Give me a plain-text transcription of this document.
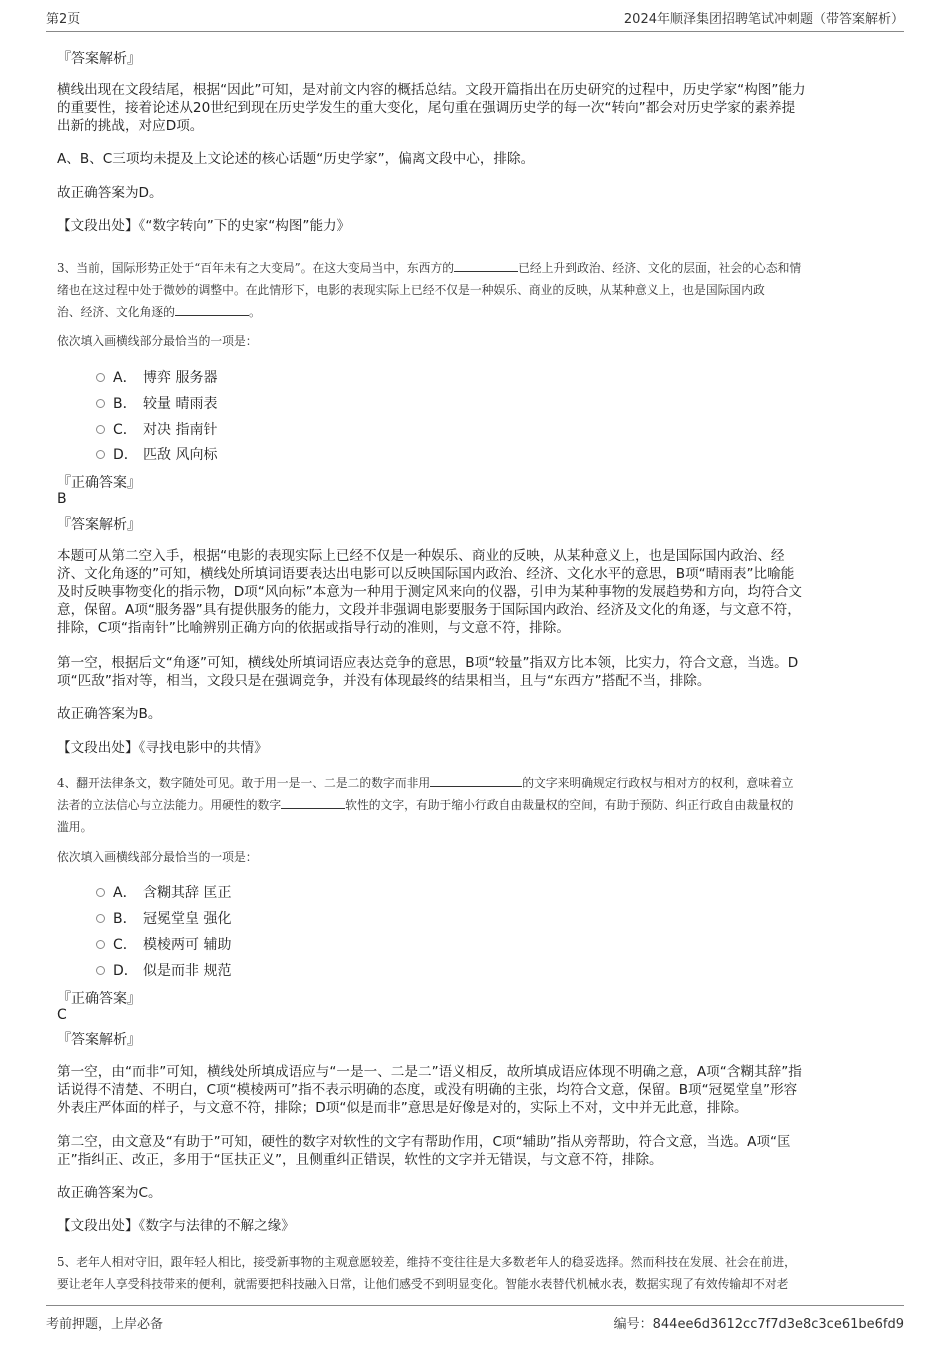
第2页	2024年顺泽集团招聘笔试冲刺题（带答案解析）
『答案解析』

横线出现在文段结尾，根据“因此”可知，是对前文内容的概括总结。文段开篇指出在历史研究的过程中，历史学家“构图”能力
的重要性，接着论述从20世纪到现在历史学发生的重大变化，尾句重在强调历史学的每一次“转向”都会对历史学家的素养提
出新的挑战，对应D项。

A、B、C三项均未提及上文论述的核心话题“历史学家”，偏离文段中心，排除。

故正确答案为D。

【文段出处】《“数字转向”下的史家“构图”能力》

3、当前，国际形势正处于“百年未有之大变局”。在这大变局当中，东西方的	已经上升到政治、经济、文化的层面，社会的心态和情
绪也在这过程中处于微妙的调整中。在此情形下，电影的表现实际上已经不仅是一种娱乐、商业的反映，从某种意义上，也是国际国内政
治、经济、文化角逐的	。

依次填入画横线部分最恰当的一项是：

A． 博弈 服务器
B． 较量 晴雨表
C． 对决 指南针
D． 匹敌 风向标
『正确答案』
B
『答案解析』

本题可从第二空入手，根据“电影的表现实际上已经不仅是一种娱乐、商业的反映，从某种意义上，也是国际国内政治、经
济、文化角逐的”可知，横线处所填词语要表达出电影可以反映国际国内政治、经济、文化水平的意思，B项“晴雨表”比喻能
及时反映事物变化的指示物，D项“风向标”本意为一种用于测定风来向的仪器，引申为某种事物的发展趋势和方向，均符合文
意，保留。A项“服务器”具有提供服务的能力，文段并非强调电影要服务于国际国内政治、经济及文化的角逐，与文意不符，
排除，C项“指南针”比喻辨别正确方向的依据或指导行动的准则，与文意不符，排除。

第一空，根据后文“角逐”可知，横线处所填词语应表达竞争的意思，B项“较量”指双方比本领，比实力，符合文意，当选。D
项“匹敌”指对等，相当，文段只是在强调竞争，并没有体现最终的结果相当，且与“东西方”搭配不当，排除。

故正确答案为B。

【文段出处】《寻找电影中的共情》

4、翻开法律条文，数字随处可见。敢于用一是一、二是二的数字而非用	的文字来明确规定行政权与相对方的权利，意味着立
法者的立法信心与立法能力。用硬性的数字	软性的文字，有助于缩小行政自由裁量权的空间，有助于预防、纠正行政自由裁量权的
滥用。

依次填入画横线部分最恰当的一项是：

A． 含糊其辞 匡正
B． 冠冕堂皇 强化
C． 模棱两可 辅助
D． 似是而非 规范
『正确答案』
C
『答案解析』

第一空，由“而非”可知，横线处所填成语应与“一是一、二是二”语义相反，故所填成语应体现不明确之意，A项“含糊其辞”指
话说得不清楚、不明白，C项“模棱两可”指不表示明确的态度，或没有明确的主张，均符合文意，保留。B项“冠冕堂皇”形容
外表庄严体面的样子，与文意不符，排除；D项“似是而非”意思是好像是对的，实际上不对，文中并无此意，排除。

第二空，由文意及“有助于”可知，硬性的数字对软性的文字有帮助作用，C项“辅助”指从旁帮助，符合文意，当选。A项“匡
正”指纠正、改正，多用于“匡扶正义”，且侧重纠正错误，软性的文字并无错误，与文意不符，排除。

故正确答案为C。

【文段出处】《数字与法律的不解之缘》

5、老年人相对守旧，跟年轻人相比，接受新事物的主观意愿较差，维持不变往往是大多数老年人的稳妥选择。然而科技在发展、社会在前进，
要让老年人享受科技带来的便利，就需要把科技融入日常，让他们感受不到明显变化。智能水表替代机械水表，数据实现了有效传输却不对老

考前押题，上岸必备	编号：844ee6d3612cc7f7d3e8c3ce61be6fd9
